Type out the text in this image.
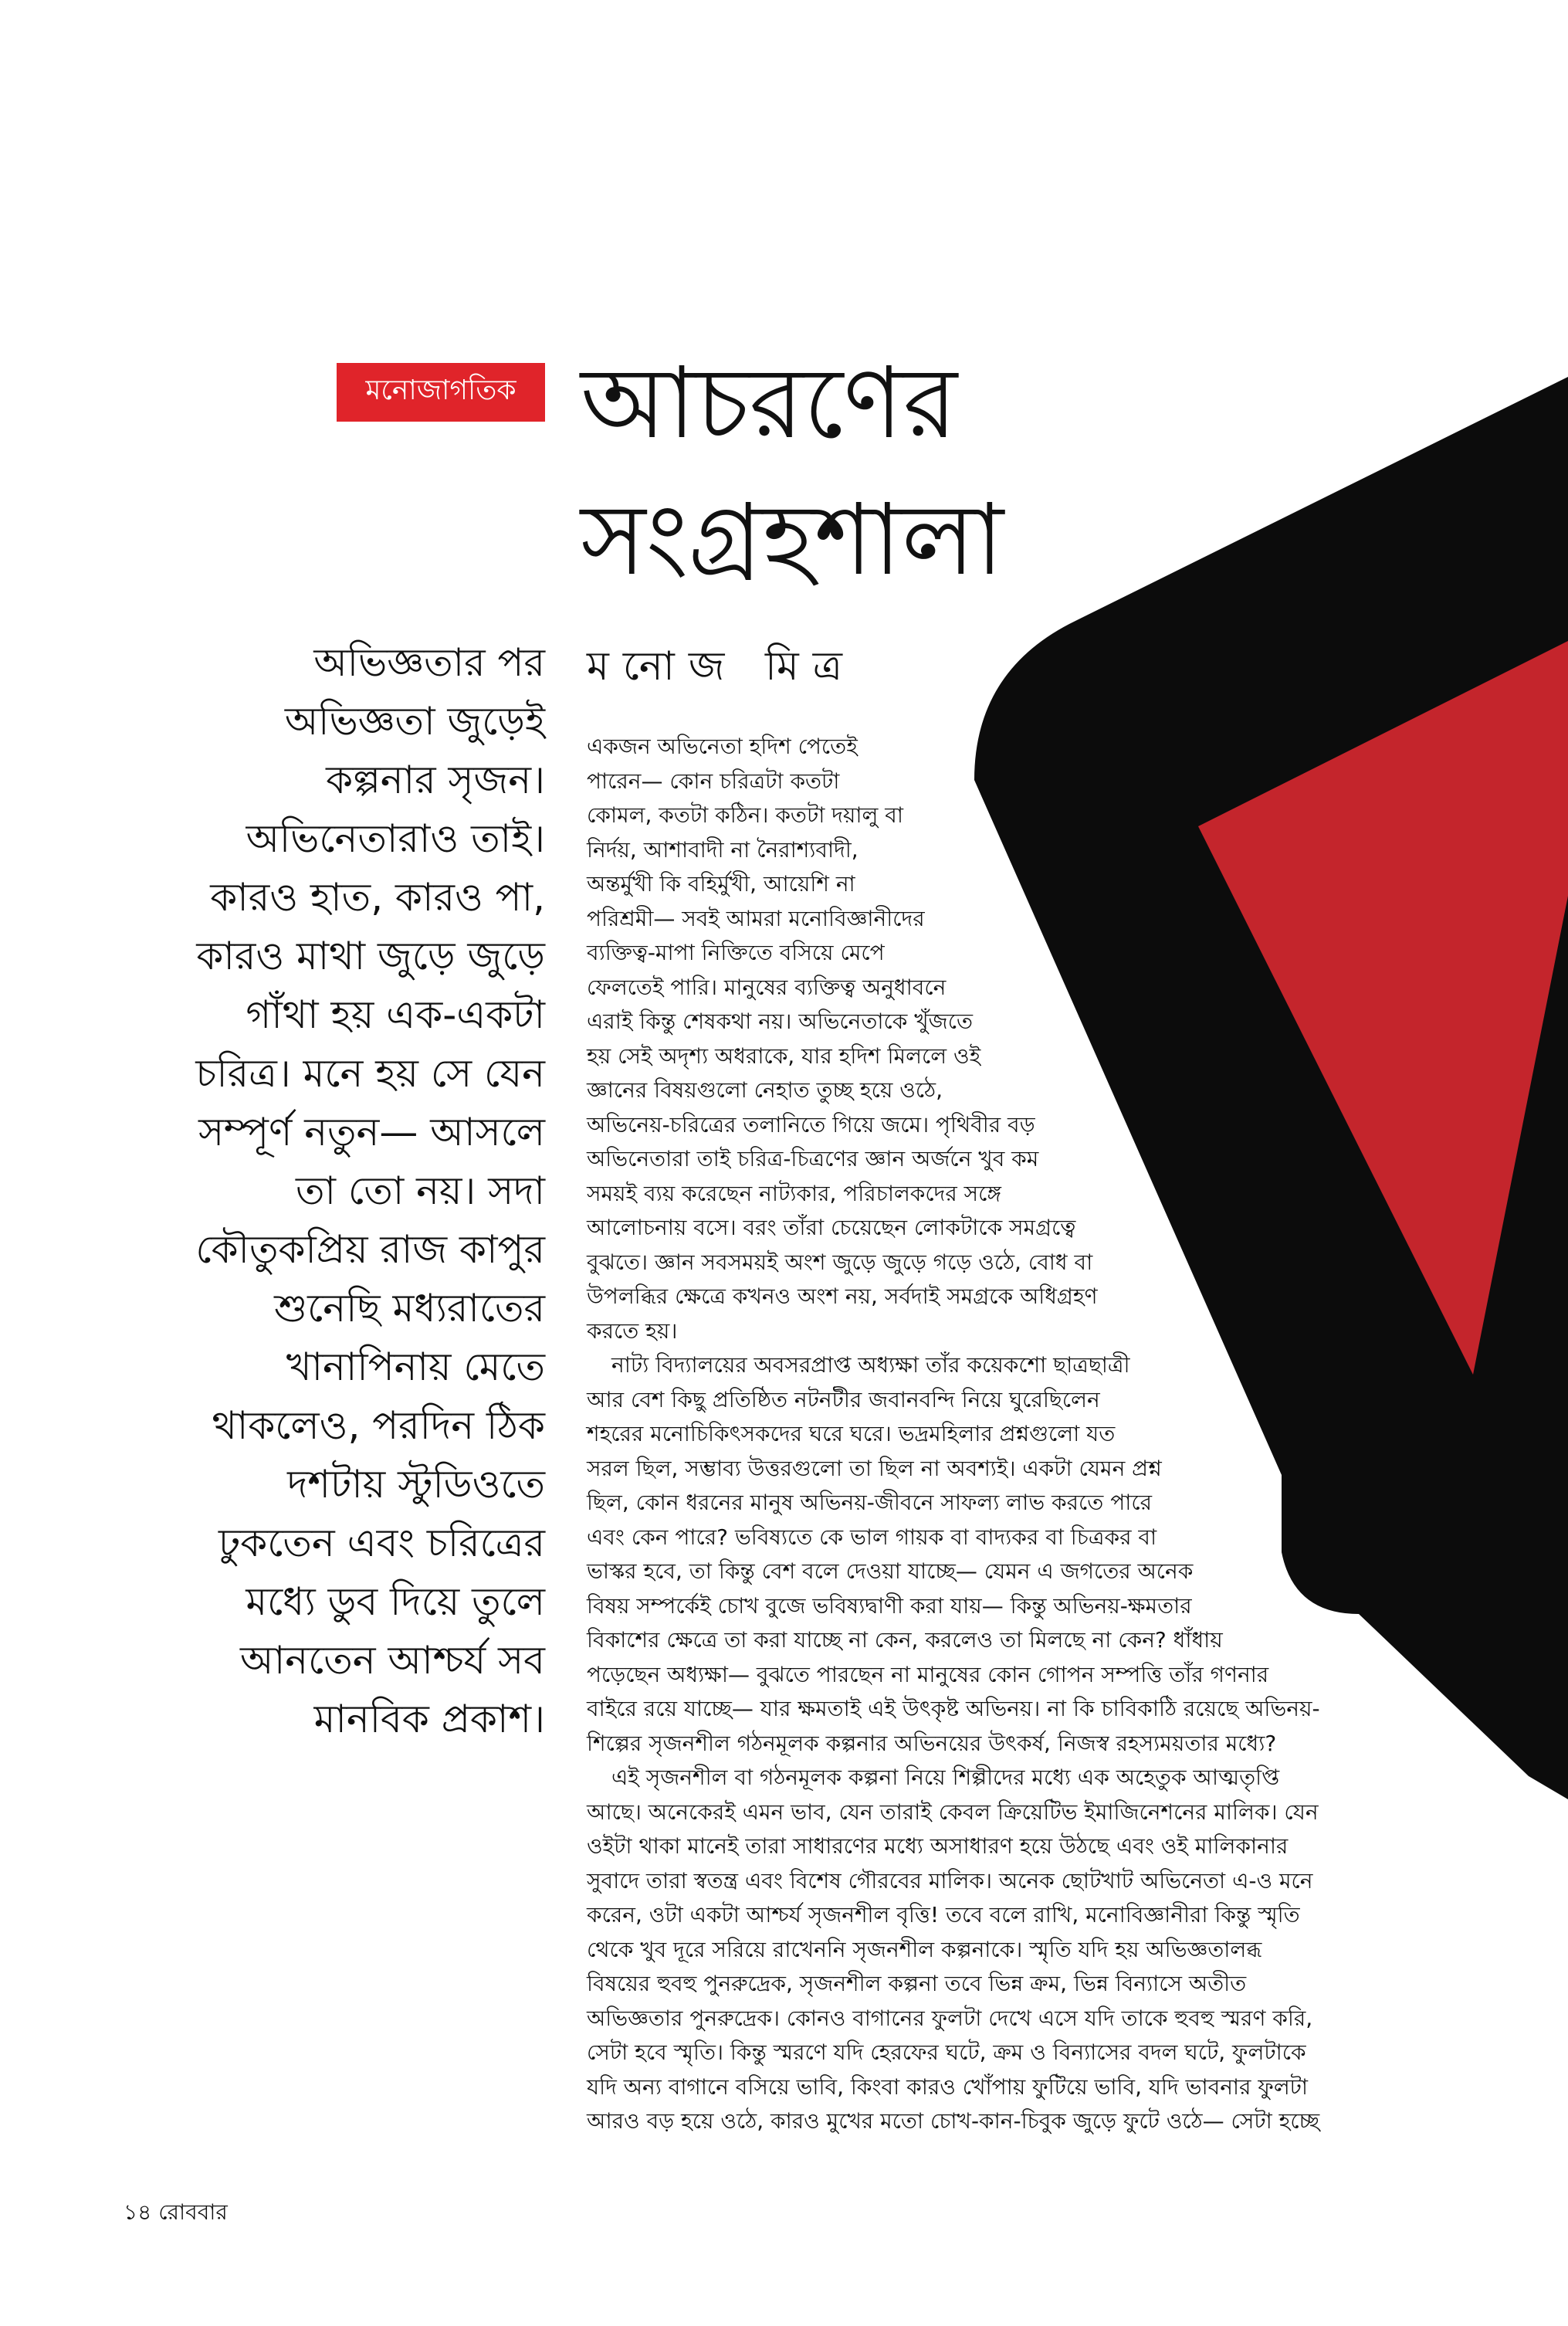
মনোজাগতিক আচরণের
সংগ্রহশালা
মনোজ মিত্র
অভিজ্ঞতার পর
অভিজ্ঞতা জুড়েই
কল্পনার সৃজন।
অভিনেতারাও তাই।
কারও হাত, কারও পা,
কারও মাথা জুড়ে জুড়ে
গাঁথা হয় এক-একটা
চরিত্র। মনে হয় সে যেন
সম্পূর্ণ নতুন— আসলে
তা তো নয়। সদা
কৌতুকপ্রিয় রাজ কাপুর
শুনেছি মধ্যরাতের
খানাপিনায় মেতে
থাকলেও, পরদিন ঠিক
দশটায় স্টুডিওতে
ঢুকতেন এবং চরিত্রের
মধ্যে ডুব দিয়ে তুলে
আনতেন আশ্চর্য সব
মানবিক প্রকাশ।
একজন অভিনেতা হদিশ পেতেই
পারেন— কোন চরিত্রটা কতটা
কোমল, কতটা কঠিন। কতটা দয়ালু বা
নির্দয়, আশাবাদী না নৈরাশ্যবাদী,
অন্তর্মুখী কি বহির্মুখী, আয়েশি না
পরিশ্রমী— সবই আমরা মনোবিজ্ঞানীদের
ব্যক্তিত্ব-মাপা নিক্তিতে বসিয়ে মেপে
ফেলতেই পারি। মানুষের ব্যক্তিত্ব অনুধাবনে
এরাই কিন্তু শেষকথা নয়। অভিনেতাকে খুঁজতে
হয় সেই অদৃশ্য অধরাকে, যার হদিশ মিললে ওই
জ্ঞানের বিষয়গুলো নেহাত তুচ্ছ হয়ে ওঠে,
অভিনেয়-চরিত্রের তলানিতে গিয়ে জমে। পৃথিবীর বড়
অভিনেতারা তাই চরিত্র-চিত্রণের জ্ঞান অর্জনে খুব কম
সময়ই ব্যয় করেছেন নাট্যকার, পরিচালকদের সঙ্গে
আলোচনায় বসে। বরং তাঁরা চেয়েছেন লোকটাকে সমগ্রত্বে
বুঝতে। জ্ঞান সবসময়ই অংশ জুড়ে জুড়ে গড়ে ওঠে, বোধ বা
উপলব্ধির ক্ষেত্রে কখনও অংশ নয়, সর্বদাই সমগ্রকে অধিগ্রহণ
করতে হয়।
নাট্য বিদ্যালয়ের অবসরপ্রাপ্ত অধ্যক্ষা তাঁর কয়েকশো ছাত্রছাত্রী
আর বেশ কিছু প্রতিষ্ঠিত নটনটীর জবানবন্দি নিয়ে ঘুরেছিলেন
শহরের মনোচিকিৎসকদের ঘরে ঘরে। ভদ্রমহিলার প্রশ্নগুলো যত
সরল ছিল, সম্ভাব্য উত্তরগুলো তা ছিল না অবশ্যই। একটা যেমন প্রশ্ন
ছিল, কোন ধরনের মানুষ অভিনয়-জীবনে সাফল্য লাভ করতে পারে
এবং কেন পারে? ভবিষ্যতে কে ভাল গায়ক বা বাদ্যকর বা চিত্রকর বা
ভাস্কর হবে, তা কিন্তু বেশ বলে দেওয়া যাচ্ছে— যেমন এ জগতের অনেক
বিষয় সম্পর্কেই চোখ বুজে ভবিষ্যদ্বাণী করা যায়— কিন্তু অভিনয়-ক্ষমতার
বিকাশের ক্ষেত্রে তা করা যাচ্ছে না কেন, করলেও তা মিলছে না কেন? ধাঁধায়
পড়েছেন অধ্যক্ষা— বুঝতে পারছেন না মানুষের কোন গোপন সম্পত্তি তাঁর গণনার
বাইরে রয়ে যাচ্ছে— যার ক্ষমতাই এই উৎকৃষ্ট অভিনয়। না কি চাবিকাঠি রয়েছে অভিনয়-
শিল্পের সৃজনশীল গঠনমূলক কল্পনার অভিনয়ের উৎকর্ষ, নিজস্ব রহস্যময়তার মধ্যে?
এই সৃজনশীল বা গঠনমূলক কল্পনা নিয়ে শিল্পীদের মধ্যে এক অহেতুক আত্মতৃপ্তি
আছে। অনেকেরই এমন ভাব, যেন তারাই কেবল ক্রিয়েটিভ ইমাজিনেশনের মালিক। যেন
ওইটা থাকা মানেই তারা সাধারণের মধ্যে অসাধারণ হয়ে উঠছে এবং ওই মালিকানার
সুবাদে তারা স্বতন্ত্র এবং বিশেষ গৌরবের মালিক। অনেক ছোটখাট অভিনেতা এ-ও মনে
করেন, ওটা একটা আশ্চর্য সৃজনশীল বৃত্তি! তবে বলে রাখি, মনোবিজ্ঞানীরা কিন্তু স্মৃতি
থেকে খুব দূরে সরিয়ে রাখেননি সৃজনশীল কল্পনাকে। স্মৃতি যদি হয় অভিজ্ঞতালব্ধ
বিষয়ের হুবহু পুনরুদ্রেক, সৃজনশীল কল্পনা তবে ভিন্ন ক্রম, ভিন্ন বিন্যাসে অতীত
অভিজ্ঞতার পুনরুদ্রেক। কোনও বাগানের ফুলটা দেখে এসে যদি তাকে হুবহু স্মরণ করি,
সেটা হবে স্মৃতি। কিন্তু স্মরণে যদি হেরফের ঘটে, ক্রম ও বিন্যাসের বদল ঘটে, ফুলটাকে
যদি অন্য বাগানে বসিয়ে ভাবি, কিংবা কারও খোঁপায় ফুটিয়ে ভাবি, যদি ভাবনার ফুলটা
আরও বড় হয়ে ওঠে, কারও মুখের মতো চোখ-কান-চিবুক জুড়ে ফুটে ওঠে— সেটা হচ্ছে
১৪ রোববার
